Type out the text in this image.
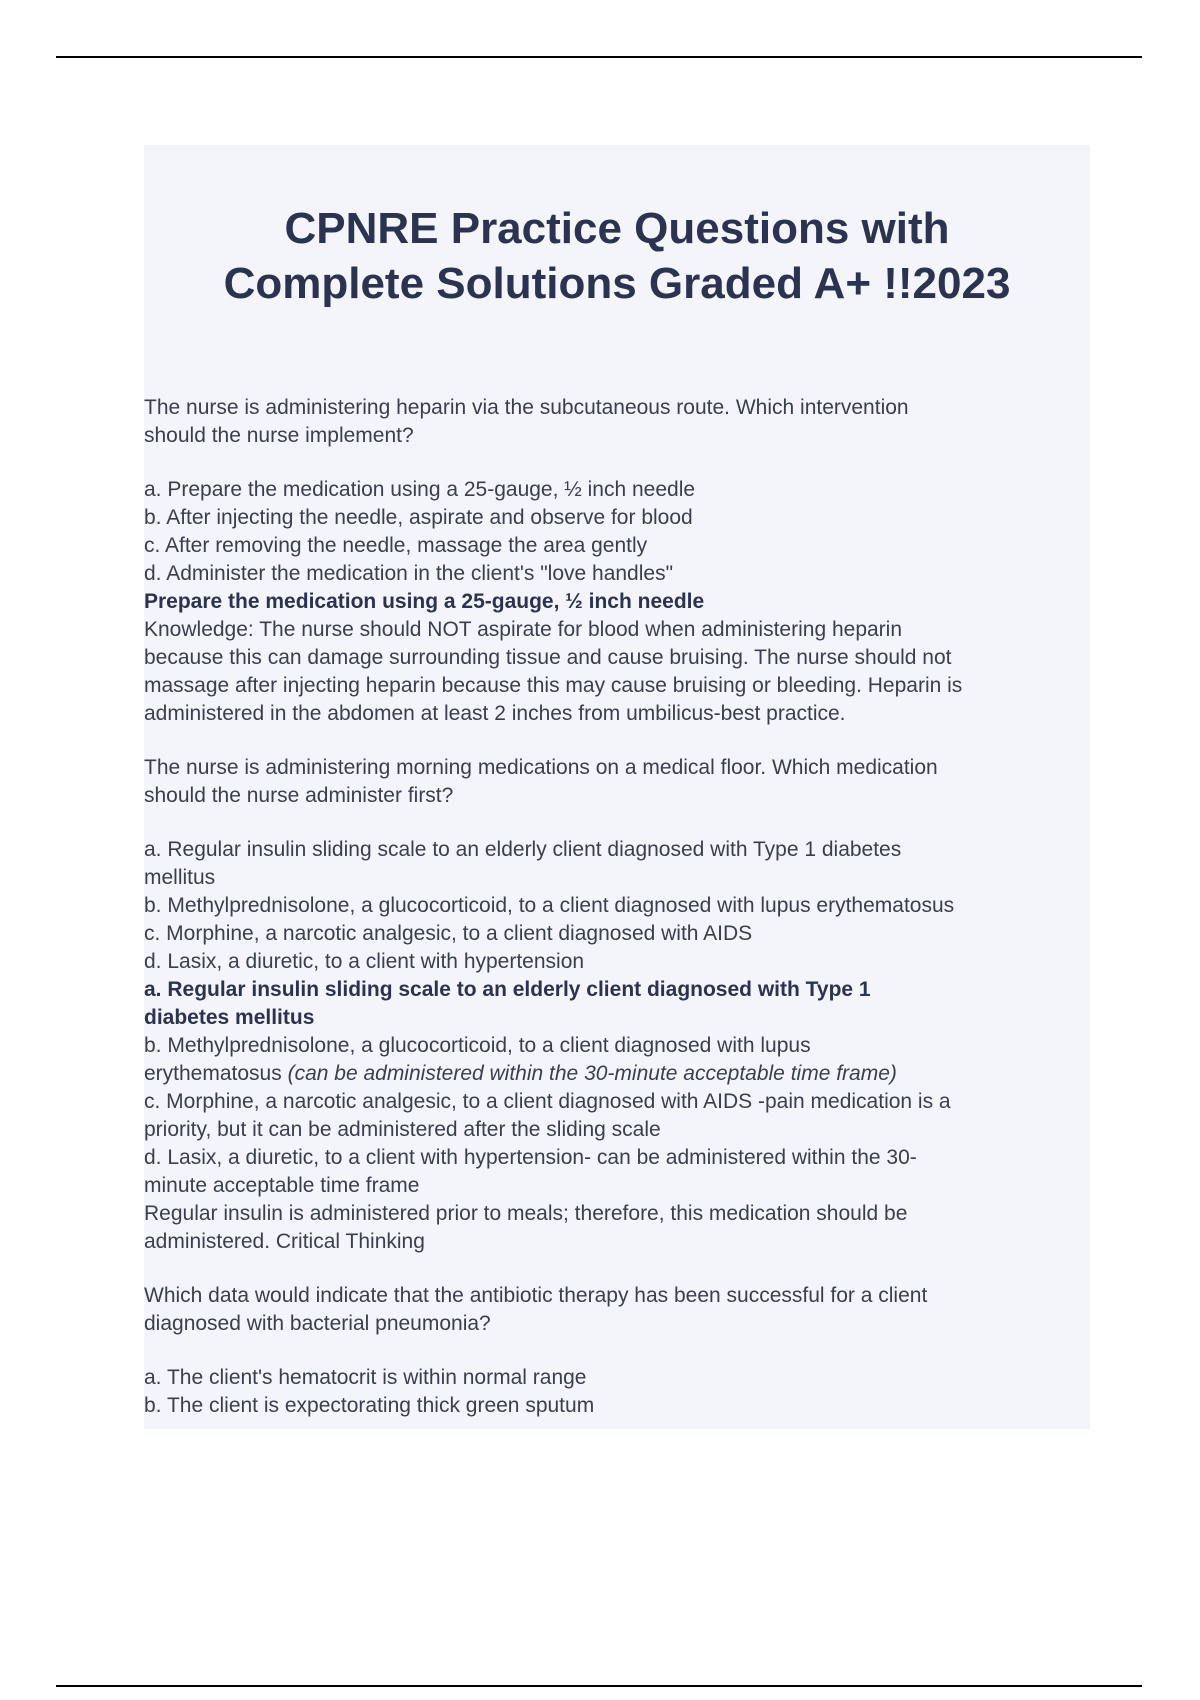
CPNRE Practice Questions with
Complete Solutions Graded A+ !!2023
The nurse is administering heparin via the subcutaneous route. Which intervention
should the nurse implement?
a. Prepare the medication using a 25-gauge, ½ inch needle
b. After injecting the needle, aspirate and observe for blood
c. After removing the needle, massage the area gently
d. Administer the medication in the client's "love handles"
Prepare the medication using a 25-gauge, ½ inch needle
Knowledge: The nurse should NOT aspirate for blood when administering heparin
because this can damage surrounding tissue and cause bruising. The nurse should not
massage after injecting heparin because this may cause bruising or bleeding. Heparin is
administered in the abdomen at least 2 inches from umbilicus-best practice.
The nurse is administering morning medications on a medical floor. Which medication
should the nurse administer first?
a. Regular insulin sliding scale to an elderly client diagnosed with Type 1 diabetes
mellitus
b. Methylprednisolone, a glucocorticoid, to a client diagnosed with lupus erythematosus
c. Morphine, a narcotic analgesic, to a client diagnosed with AIDS
d. Lasix, a diuretic, to a client with hypertension
a. Regular insulin sliding scale to an elderly client diagnosed with Type 1
diabetes mellitus
b. Methylprednisolone, a glucocorticoid, to a client diagnosed with lupus
erythematosus (can be administered within the 30-minute acceptable time frame)
c. Morphine, a narcotic analgesic, to a client diagnosed with AIDS -pain medication is a
priority, but it can be administered after the sliding scale
d. Lasix, a diuretic, to a client with hypertension- can be administered within the 30-
minute acceptable time frame
Regular insulin is administered prior to meals; therefore, this medication should be
administered. Critical Thinking
Which data would indicate that the antibiotic therapy has been successful for a client
diagnosed with bacterial pneumonia?
a. The client's hematocrit is within normal range
b. The client is expectorating thick green sputum
